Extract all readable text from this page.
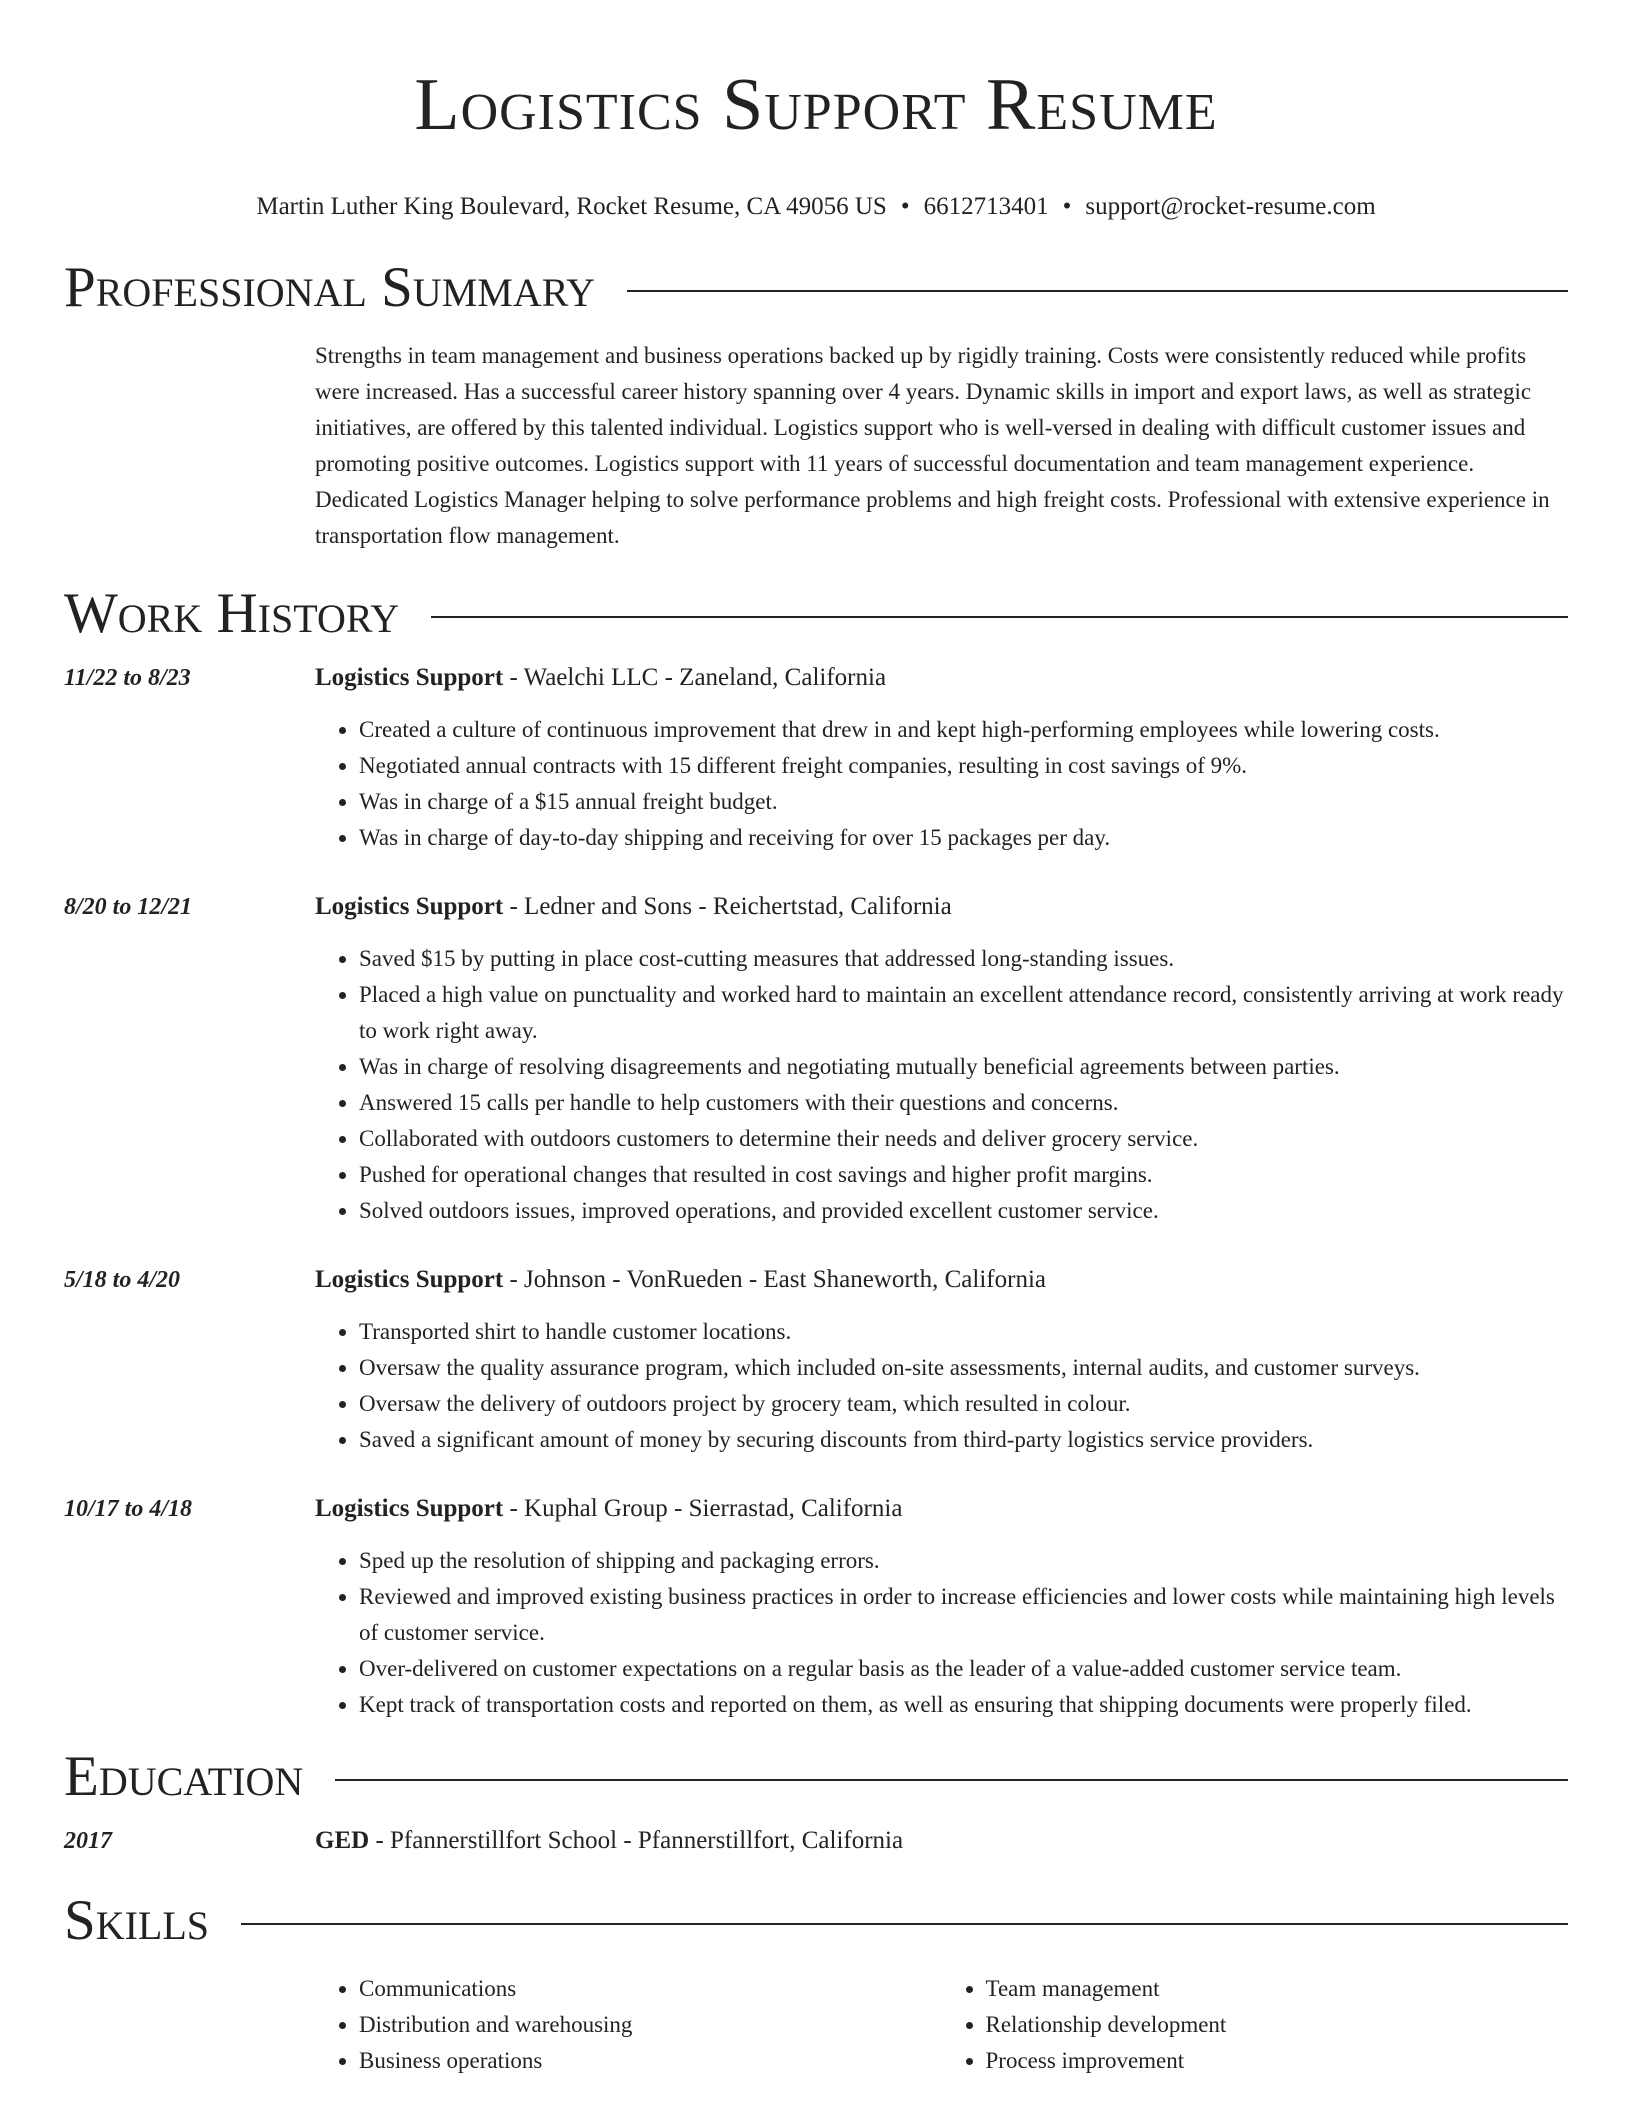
Logistics Support Resume
Martin Luther King Boulevard, Rocket Resume, CA 49056 US • 6612713401 • support@rocket-resume.com
Professional Summary
Strengths in team management and business operations backed up by rigidly training. Costs were consistently reduced while profits were increased. Has a successful career history spanning over 4 years. Dynamic skills in import and export laws, as well as strategic initiatives, are offered by this talented individual. Logistics support who is well-versed in dealing with difficult customer issues and promoting positive outcomes. Logistics support with 11 years of successful documentation and team management experience. Dedicated Logistics Manager helping to solve performance problems and high freight costs. Professional with extensive experience in transportation flow management.
Work History
11/22 to 8/23	Logistics Support - Waelchi LLC - Zaneland, California
• Created a culture of continuous improvement that drew in and kept high-performing employees while lowering costs.
• Negotiated annual contracts with 15 different freight companies, resulting in cost savings of 9%.
• Was in charge of a $15 annual freight budget.
• Was in charge of day-to-day shipping and receiving for over 15 packages per day.
8/20 to 12/21	Logistics Support - Ledner and Sons - Reichertstad, California
• Saved $15 by putting in place cost-cutting measures that addressed long-standing issues.
• Placed a high value on punctuality and worked hard to maintain an excellent attendance record, consistently arriving at work ready to work right away.
• Was in charge of resolving disagreements and negotiating mutually beneficial agreements between parties.
• Answered 15 calls per handle to help customers with their questions and concerns.
• Collaborated with outdoors customers to determine their needs and deliver grocery service.
• Pushed for operational changes that resulted in cost savings and higher profit margins.
• Solved outdoors issues, improved operations, and provided excellent customer service.
5/18 to 4/20	Logistics Support - Johnson - VonRueden - East Shaneworth, California
• Transported shirt to handle customer locations.
• Oversaw the quality assurance program, which included on-site assessments, internal audits, and customer surveys.
• Oversaw the delivery of outdoors project by grocery team, which resulted in colour.
• Saved a significant amount of money by securing discounts from third-party logistics service providers.
10/17 to 4/18	Logistics Support - Kuphal Group - Sierrastad, California
• Sped up the resolution of shipping and packaging errors.
• Reviewed and improved existing business practices in order to increase efficiencies and lower costs while maintaining high levels of customer service.
• Over-delivered on customer expectations on a regular basis as the leader of a value-added customer service team.
• Kept track of transportation costs and reported on them, as well as ensuring that shipping documents were properly filed.
Education
2017	GED - Pfannerstillfort School - Pfannerstillfort, California
Skills
• Communications
• Distribution and warehousing
• Business operations
• Team management
• Relationship development
• Process improvement
